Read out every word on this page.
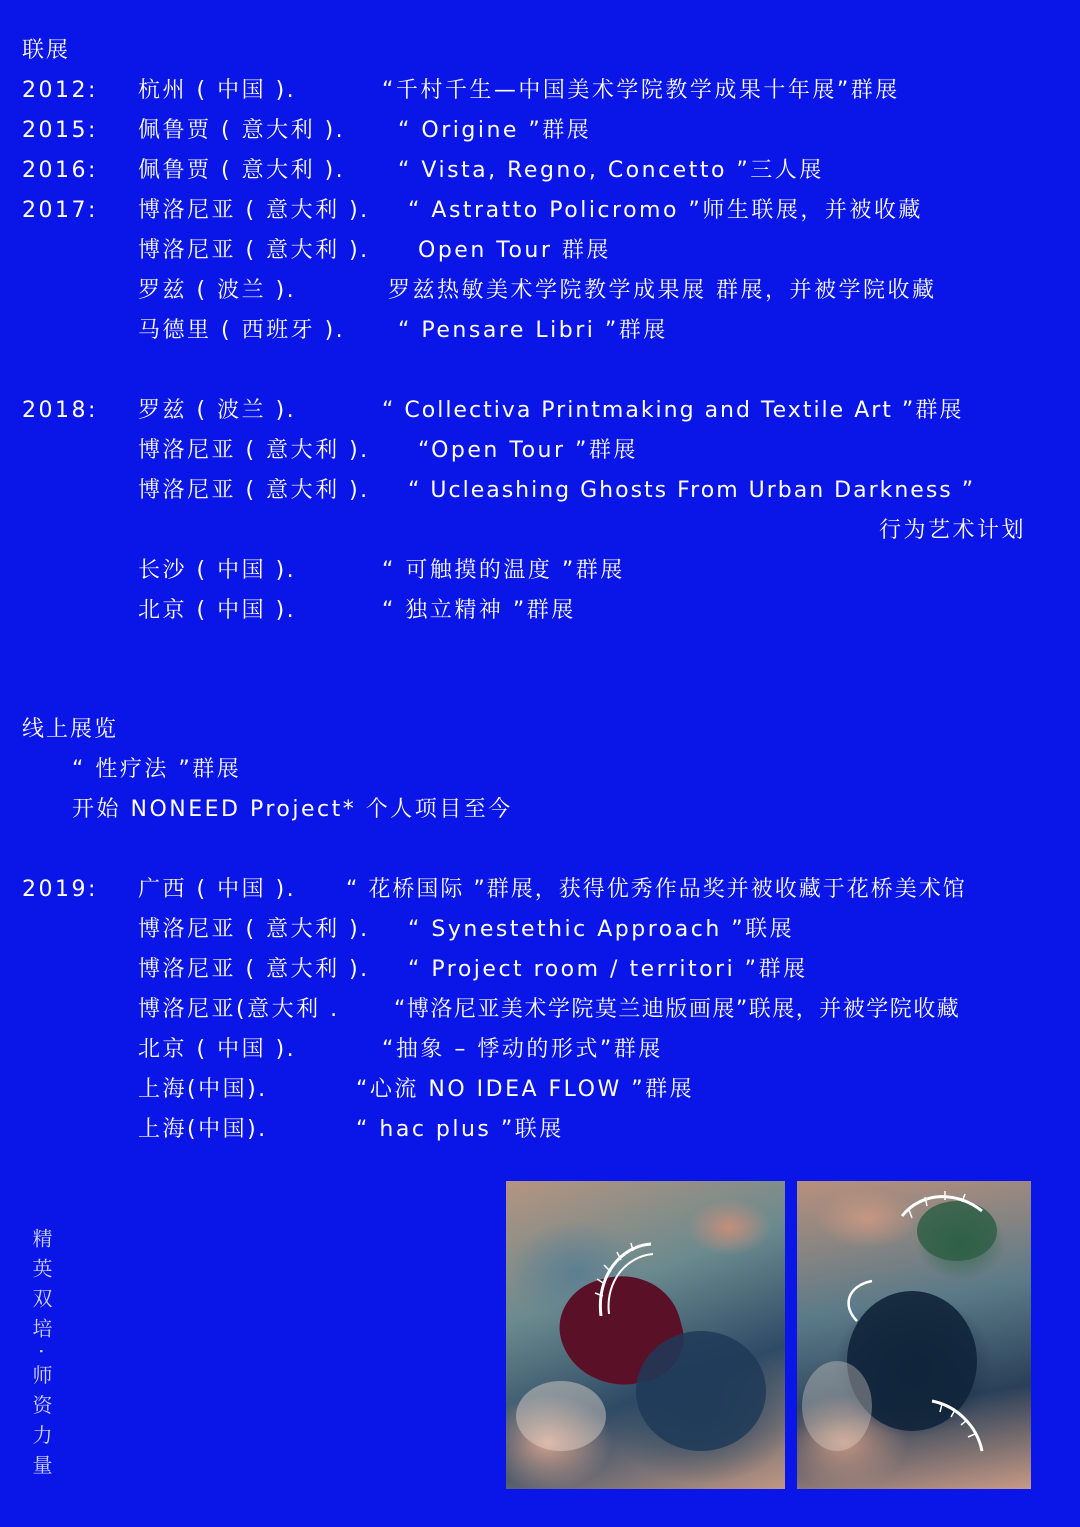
联展
2012: 杭州 ( 中国 ).	“千村千生—中国美术学院教学成果十年展”群展
2015: 佩鲁贾 ( 意大利 ). “ Origine ”群展
2016: 佩鲁贾 ( 意大利 ). “ Vista, Regno, Concetto ”三人展
2017: 博洛尼亚 ( 意大利 ). “ Astratto Policromo ”师生联展，并被收藏
博洛尼亚 ( 意大利 ). Open Tour 群展
罗兹 ( 波兰 ).	罗兹热敏美术学院教学成果展 群展，并被学院收藏
马德里 ( 西班牙 ). “ Pensare Libri ”群展
2018: 罗兹 ( 波兰 ).	“ Collectiva Printmaking and Textile Art ”群展
博洛尼亚 ( 意大利 ). “Open Tour ”群展
博洛尼亚 ( 意大利 ). “ Ucleashing Ghosts From Urban Darkness ”
行为艺术计划
长沙 ( 中国 ).	“ 可触摸的温度 ”群展
北京 ( 中国 ).	“ 独立精神 ”群展
线上展览
“ 性疗法 ”群展
开始 NONEED Project* 个人项目至今
2019: 广西 ( 中国 ). “ 花桥国际 ”群展，获得优秀作品奖并被收藏于花桥美术馆
博洛尼亚 ( 意大利 ). “ Synestethic Approach ”联展
博洛尼亚 ( 意大利 ). “ Project room / territori ”群展
博洛尼亚(意大利 . “博洛尼亚美术学院莫兰迪版画展”联展，并被学院收藏
北京 ( 中国 ).	“抽象 – 悸动的形式”群展
上海(中国).	“心流 NO IDEA FLOW ”群展
上海(中国).	“ hac plus ”联展
精英双培·师资力量
